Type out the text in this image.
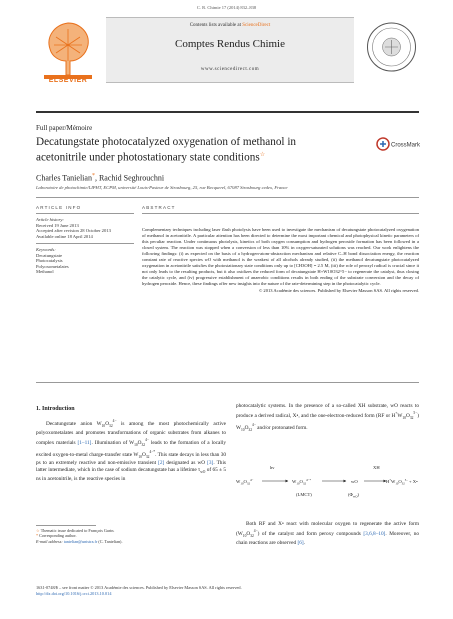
C. R. Chimie 17 (2014) 832–838
ELSEVIER
Contents lists available at ScienceDirect
Comptes Rendus Chimie
www.sciencedirect.com
Full paper/Mémoire
Decatungstate photocatalyzed oxygenation of methanol in acetonitrile under photostationary state conditions☆
CrossMark
Charles Tanielian*, Rachid Seghrouchni
Laboratoire de photochimie/LIPHT, ECPM, université Louis-Pasteur de Strasbourg, 25, rue Becquerel, 67087 Strasbourg cedex, France
ARTICLE INFO
Article history:
Received 19 June 2013
Accepted after revision 28 October 2013
Available online 18 April 2014
Keywords:
Decatungstate
Photocatalysis
Polyoxometalates
Methanol
ABSTRACT
Complementary techniques including laser flash photolysis have been used to investigate the mechanism of decatungstate photocatalyzed oxygenation of methanol in acetonitrile. A particular attention has been directed to determine the most important chemical and photophysical kinetic parameters of this peculiar reaction. Under continuous photolysis, kinetics of both oxygen consumption and hydrogen peroxide formation has been followed in a closed system. The reaction was stopped when a conversion of less than 10% in oxygen-saturated solutions was reached. Our work enlightens the following findings: (i) as expected on the basis of a hydrogen-atom-abstraction mechanism and relative C–H bond dissociation energy, the reaction constant rate of reactive species wO with methanol is the weakest of all alcohols already studied, (ii) the methanol decatungstate photocatalyzed oxygenation in acetonitrile satisfies the photostationary state conditions only up to [CH3OH] = 2.5 M, (iii) the role of peroxyl radical is crucial since it not only leads to the resulting products, but it also oxidizes the reduced form of decatungstate H+W10O32^5− to regenerate the catalyst, thus closing the catalytic cycle, and (iv) progressive establishment of anaerobic conditions results in both ending of the substrate conversion and the decay of hydrogen peroxide. Hence, these findings offer new insights into the nature of the rate-determining step in the photocatalytic cycle.
© 2013 Académie des sciences. Published by Elsevier Masson SAS. All rights reserved.
1. Introduction
Decatungstate anion $W_{10}O_{32}^{4-}$ is among the most photochemically active polyoxometalates and promotes transformations of organic substrates from alkanes to complex materials [1–11]. Illumination of $W_{10}O_{32}^{4-}$ leads to the formation of a locally excited oxygen-to-metal charge-transfer state $W_{10}O_{32}^{4-*}$. This state decays in less than 30 ps to an extremely reactive and non-emissive transient [2] designated as wO [3]. This latter intermediate, which in the case of sodium decatungstate has a lifetime $\tau_{wO}$ of 65 ± 5 ns in acetonitrile, is the reactive species in
photocatalytic systems. In the presence of a so-called XH substrate, wO reacts to produce a derived radical, X•, and the one-electron-reduced form (RF or $H^+W_{10}O_{32}^{5-}$) $W_{10}O_{32}^{4-}$ and/or protonated form.
$W_{10}O_{32}^{4-}$
hν
$W_{10}O_{32}^{4-*}$
(LMCT)
wO
$(\Phi_{wO})$
XH
$H^+W_{10}O_{32}^{5-}$ + X•
Both RF and X• react with molecular oxygen to regenerate the active form $(W_{10}O_{32}^{4-})$ of the catalyst and form peroxy compounds [3,6,8–10]. Moreover, no chain reactions are observed [6].
☆ Thematic issue dedicated to François Garin.
* Corresponding author.
E-mail address: tanielian@unistra.fr (C. Tanielian).
1631-0748/$ – see front matter © 2013 Académie des sciences. Published by Elsevier Masson SAS. All rights reserved.
http://dx.doi.org/10.1016/j.crci.2013.10.014
